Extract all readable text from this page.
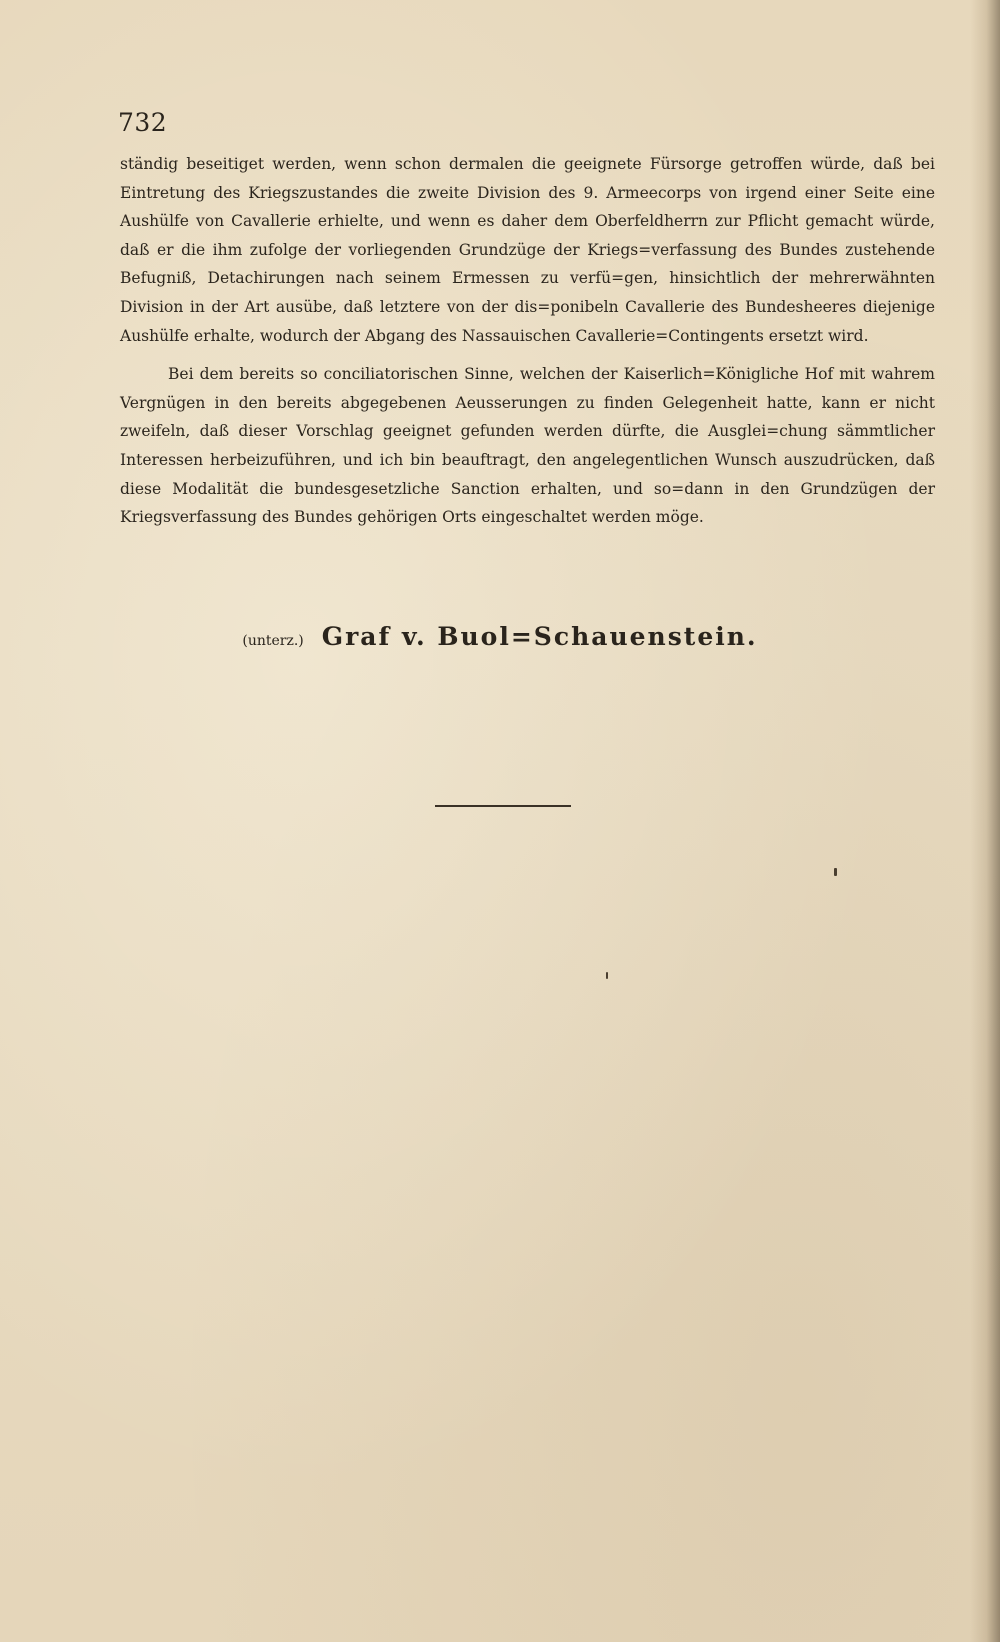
732

ständig beseitiget werden, wenn schon dermalen die geeignete Fürsorge getroffen würde, daß bei Eintretung des Kriegszustandes die zweite Division des 9. Armeecorps von irgend einer Seite eine Aushülfe von Cavallerie erhielte, und wenn es daher dem Oberfeldherrn zur Pflicht gemacht würde, daß er die ihm zufolge der vorliegenden Grundzüge der Kriegs=verfassung des Bundes zustehende Befugniß, Detachirungen nach seinem Ermessen zu verfü=gen, hinsichtlich der mehrerwähnten Division in der Art ausübe, daß letztere von der dis=ponibeln Cavallerie des Bundesheeres diejenige Aushülfe erhalte, wodurch der Abgang des Nassauischen Cavallerie=Contingents ersetzt wird.

Bei dem bereits so conciliatorischen Sinne, welchen der Kaiserlich=Königliche Hof mit wahrem Vergnügen in den bereits abgegebenen Aeusserungen zu finden Gelegenheit hatte, kann er nicht zweifeln, daß dieser Vorschlag geeignet gefunden werden dürfte, die Ausglei=chung sämmtlicher Interessen herbeizuführen, und ich bin beauftragt, den angelegentlichen Wunsch auszudrücken, daß diese Modalität die bundesgesetzliche Sanction erhalten, und so=dann in den Grundzügen der Kriegsverfassung des Bundes gehörigen Orts eingeschaltet werden möge.

(unterz.) Graf v. Buol=Schauenstein.
